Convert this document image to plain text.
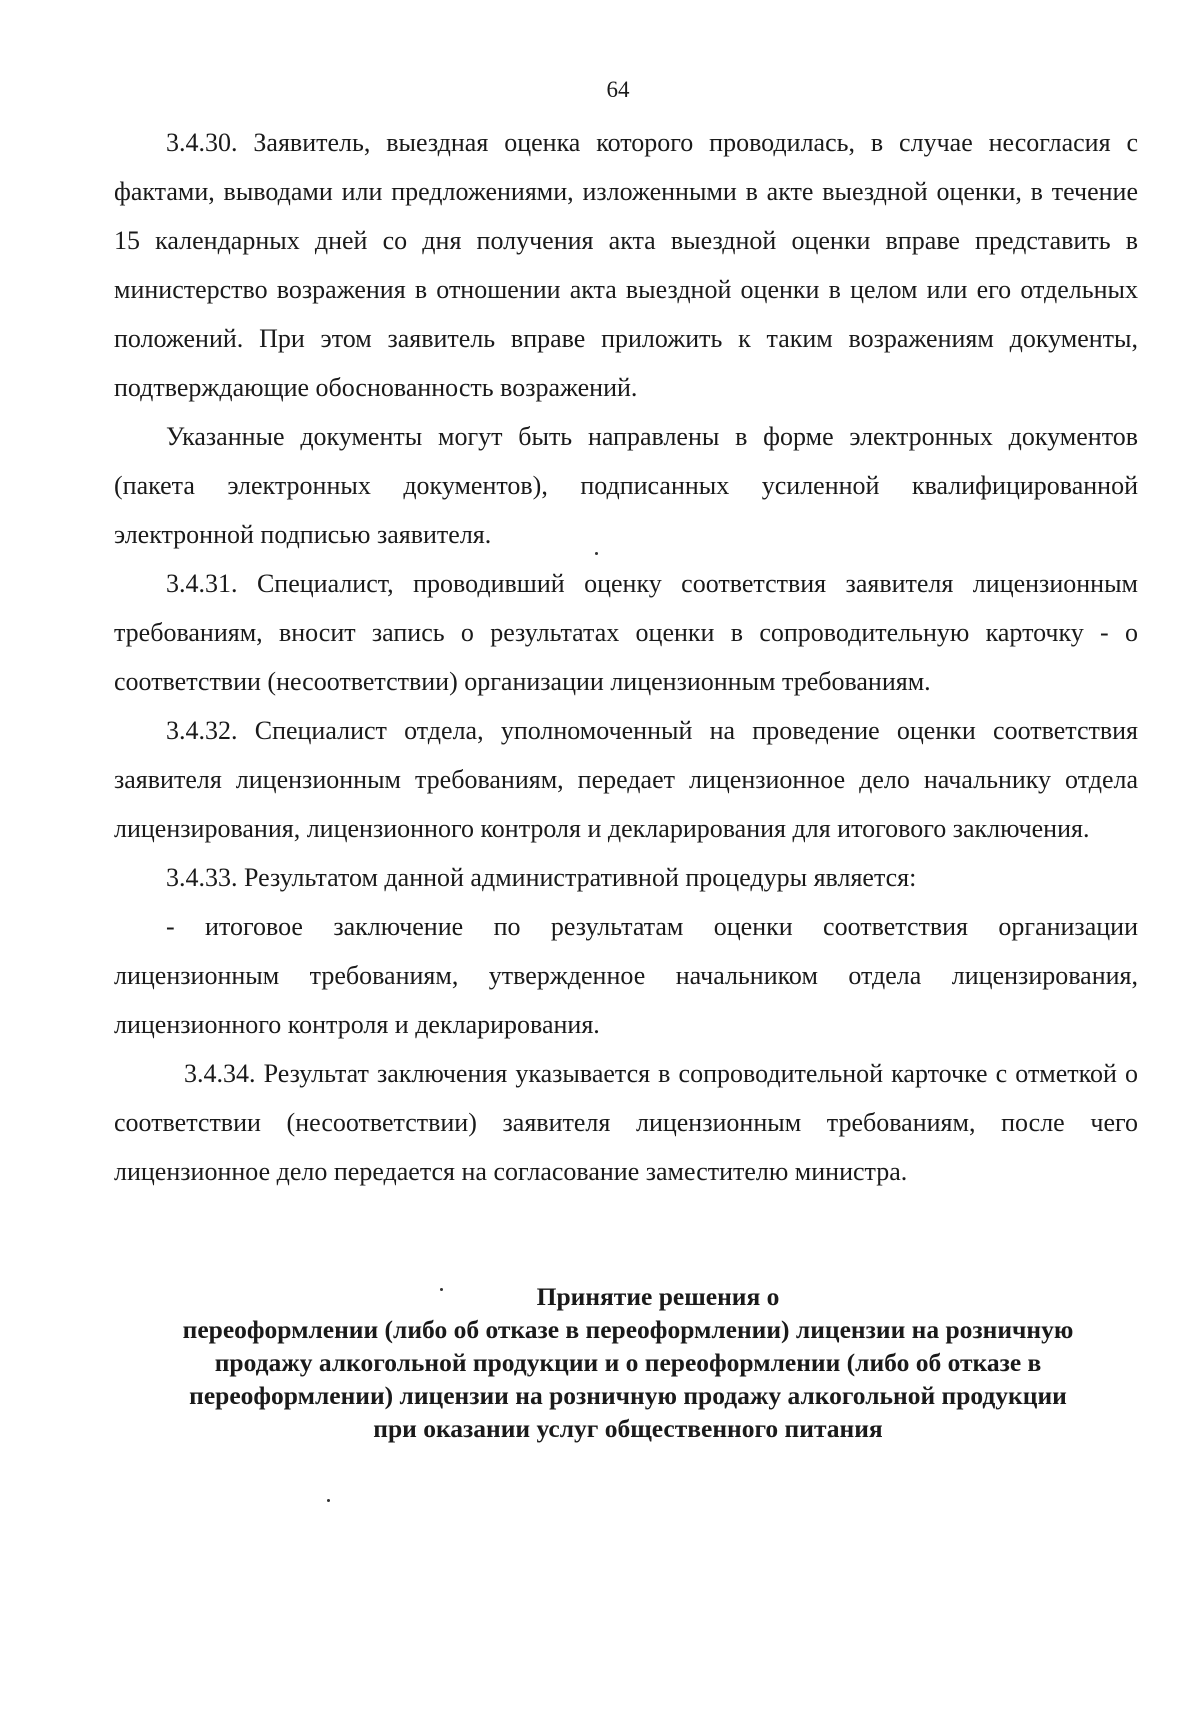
64

3.4.30. Заявитель, выездная оценка которого проводилась, в случае несогласия с фактами, выводами или предложениями, изложенными в акте выездной оценки, в течение 15 календарных дней со дня получения акта выездной оценки вправе представить в министерство возражения в отношении акта выездной оценки в целом или его отдельных положений. При этом заявитель вправе приложить к таким возражениям документы, подтверждающие обоснованность возражений.

Указанные документы могут быть направлены в форме электронных документов (пакета электронных документов), подписанных усиленной квалифицированной электронной подписью заявителя.

3.4.31. Специалист, проводивший оценку соответствия заявителя лицензионным требованиям, вносит запись о результатах оценки в сопроводительную карточку - о соответствии (несоответствии) организации лицензионным требованиям.

3.4.32. Специалист отдела, уполномоченный на проведение оценки соответствия заявителя лицензионным требованиям, передает лицензионное дело начальнику отдела лицензирования, лицензионного контроля и декларирования для итогового заключения.

3.4.33. Результатом данной административной процедуры является:

- итоговое заключение по результатам оценки соответствия организации лицензионным требованиям, утвержденное начальником отдела лицензирования, лицензионного контроля и декларирования.

3.4.34. Результат заключения указывается в сопроводительной карточке с отметкой о соответствии (несоответствии) заявителя лицензионным требованиям, после чего лицензионное дело передается на согласование заместителю министра.

Принятие решения о
переоформлении (либо об отказе в переоформлении) лицензии на розничную
продажу алкогольной продукции и о переоформлении (либо об отказе в
переоформлении) лицензии на розничную продажу алкогольной продукции
при оказании услуг общественного питания
